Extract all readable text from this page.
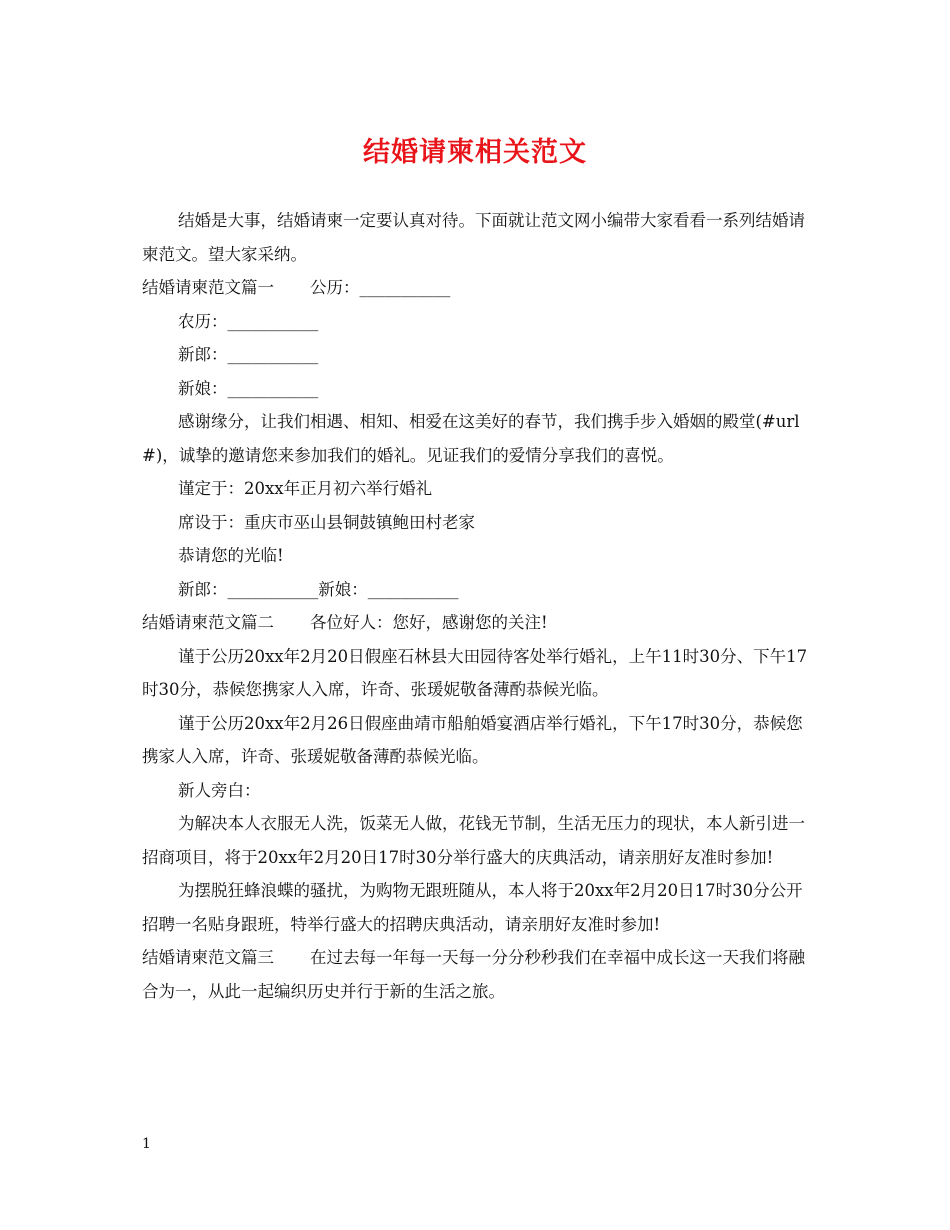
结婚请柬相关范文

结婚是大事，结婚请柬一定要认真对待。下面就让范文网小编带大家看看一系列结婚请柬范文。望大家采纳。

结婚请柬范文篇一 公历：___________

农历：___________

新郎：___________

新娘：___________

感谢缘分，让我们相遇、相知、相爱在这美好的春节，我们携手步入婚姻的殿堂(#url#)，诚挚的邀请您来参加我们的婚礼。见证我们的爱情分享我们的喜悦。

谨定于：20xx年正月初六举行婚礼

席设于：重庆市巫山县铜鼓镇鲍田村老家

恭请您的光临!

新郎：___________新娘：___________

结婚请柬范文篇二 各位好人：您好，感谢您的关注!

谨于公历20xx年2月20日假座石林县大田园待客处举行婚礼，上午11时30分、下午17时30分，恭候您携家人入席，许奇、张瑗妮敬备薄酌恭候光临。

谨于公历20xx年2月26日假座曲靖市船舶婚宴酒店举行婚礼，下午17时30分，恭候您携家人入席，许奇、张瑗妮敬备薄酌恭候光临。

新人旁白：

为解决本人衣服无人洗，饭菜无人做，花钱无节制，生活无压力的现状，本人新引进一招商项目，将于20xx年2月20日17时30分举行盛大的庆典活动，请亲朋好友准时参加!

为摆脱狂蜂浪蝶的骚扰，为购物无跟班随从，本人将于20xx年2月20日17时30分公开招聘一名贴身跟班，特举行盛大的招聘庆典活动，请亲朋好友准时参加!

结婚请柬范文篇三 在过去每一年每一天每一分分秒秒我们在幸福中成长这一天我们将融合为一，从此一起编织历史并行于新的生活之旅。

1
